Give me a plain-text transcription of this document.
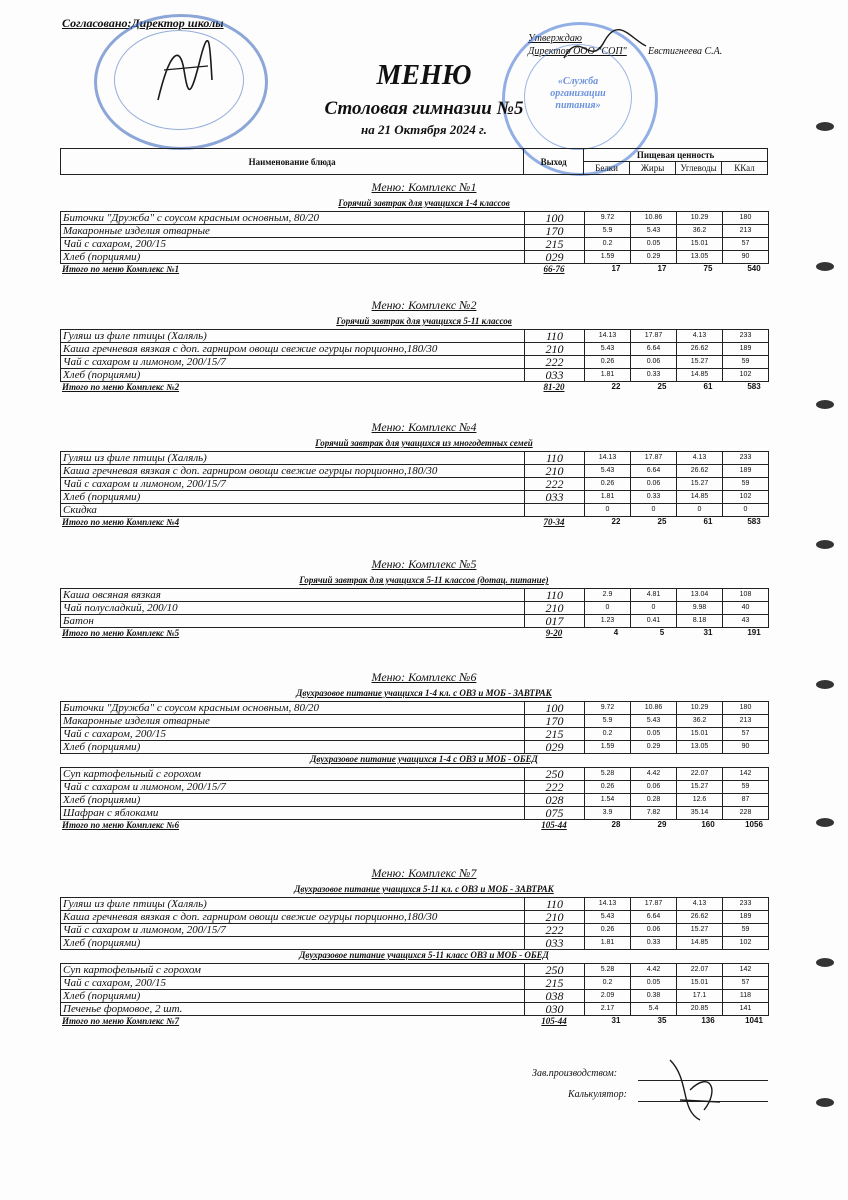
Согласовано:Директор школы
Утверждаю
Директор ООО "СОП" Евстигнеева С.А.
«Служба организации питания»
МЕНЮ
Столовая гимназии №5
на 21 Октября 2024 г.
Наименование блюда	Выход	Пищевая ценность			
		Белки	Жиры	Углеводы	ККал
Меню: Комплекс №1
Горячий завтрак для учащихся 1-4 классов
Биточки "Дружба" с соусом красным основным, 80/20	100	9.72	10.86	10.29	180
Макаронные изделия отварные	170	5.9	5.43	36.2	213
Чай с сахаром, 200/15	215	0.2	0.05	15.01	57
Хлеб (порциями)	029	1.59	0.29	13.05	90
Итого по меню Комплекс №1	66-76	17	17	75	540
Меню: Комплекс №2
Горячий завтрак для учащихся 5-11 классов
Гуляш из филе птицы (Халяль)	110	14.13	17.87	4.13	233
Каша гречневая вязкая с доп. гарниром овощи свежие огурцы порционно,180/30	210	5.43	6.64	26.62	189
Чай с сахаром и лимоном, 200/15/7	222	0.26	0.06	15.27	59
Хлеб (порциями)	033	1.81	0.33	14.85	102
Итого по меню Комплекс №2	81-20	22	25	61	583
Меню: Комплекс №4
Горячий завтрак для учащихся из многодетных семей
Гуляш из филе птицы (Халяль)	110	14.13	17.87	4.13	233
Каша гречневая вязкая с доп. гарниром овощи свежие огурцы порционно,180/30	210	5.43	6.64	26.62	189
Чай с сахаром и лимоном, 200/15/7	222	0.26	0.06	15.27	59
Хлеб (порциями)	033	1.81	0.33	14.85	102
Скидка		0	0	0	0
Итого по меню Комплекс №4	70-34	22	25	61	583
Меню: Комплекс №5
Горячий завтрак для учащихся 5-11 классов (дотац. питание)
Каша овсяная вязкая	110	2.9	4.81	13.04	108
Чай полусладкий, 200/10	210	0	0	9.98	40
Батон	017	1.23	0.41	8.18	43
Итого по меню Комплекс №5	9-20	4	5	31	191
Меню: Комплекс №6
Двухразовое питание учащихся 1-4 кл. с ОВЗ и МОБ - ЗАВТРАК
Биточки "Дружба" с соусом красным основным, 80/20	100	9.72	10.86	10.29	180
Макаронные изделия отварные	170	5.9	5.43	36.2	213
Чай с сахаром, 200/15	215	0.2	0.05	15.01	57
Хлеб (порциями)	029	1.59	0.29	13.05	90
Двухразовое питание учащихся 1-4 с ОВЗ и МОБ - ОБЕД
Суп картофельный с горохом	250	5.28	4.42	22.07	142
Чай с сахаром и лимоном, 200/15/7	222	0.26	0.06	15.27	59
Хлеб (порциями)	028	1.54	0.28	12.6	87
Шафран с яблоками	075	3.9	7.82	35.14	228
Итого по меню Комплекс №6	105-44	28	29	160	1056
Меню: Комплекс №7
Двухразовое питание учащихся 5-11 кл. с ОВЗ и МОБ - ЗАВТРАК
Гуляш из филе птицы (Халяль)	110	14.13	17.87	4.13	233
Каша гречневая вязкая с доп. гарниром овощи свежие огурцы порционно,180/30	210	5.43	6.64	26.62	189
Чай с сахаром и лимоном, 200/15/7	222	0.26	0.06	15.27	59
Хлеб (порциями)	033	1.81	0.33	14.85	102
Двухразовое питание учащихся 5-11 класс ОВЗ и МОБ - ОБЕД
Суп картофельный с горохом	250	5.28	4.42	22.07	142
Чай с сахаром, 200/15	215	0.2	0.05	15.01	57
Хлеб (порциями)	038	2.09	0.38	17.1	118
Печенье формовое, 2 шт.	030	2.17	5.4	20.85	141
Итого по меню Комплекс №7	105-44	31	35	136	1041
Зав.производством:
Калькулятор:
